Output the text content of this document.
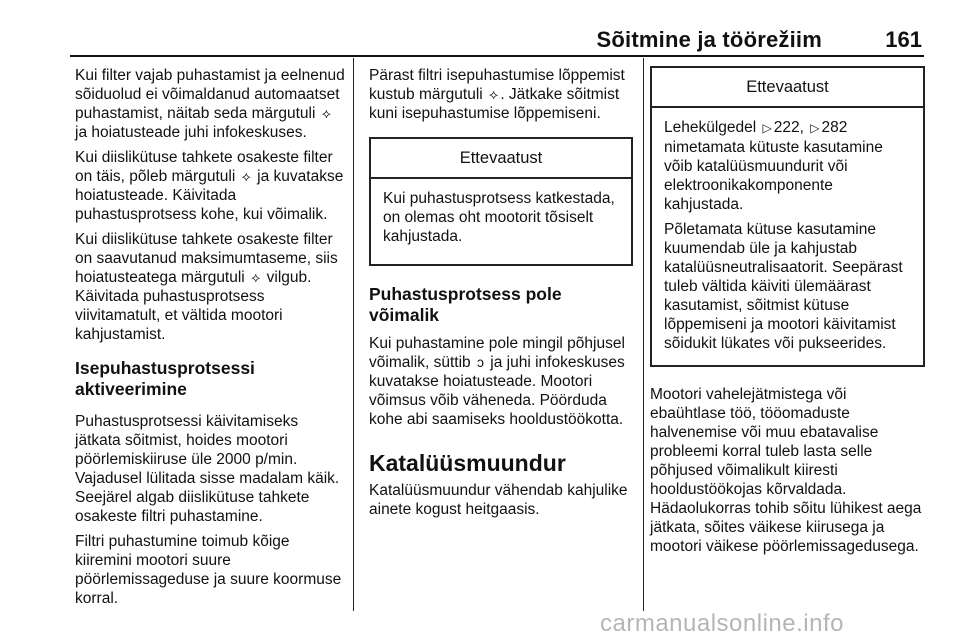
Sõitmine ja töörežiim	161

Kui filter vajab puhastamist ja eelnenud sõiduolud ei võimaldanud automaatset puhastamist, näitab seda märgutuli ⟡ ja hoiatusteade juhi infokeskuses.

Kui diislikütuse tahkete osakeste filter on täis, põleb märgutuli ⟡ ja kuvatakse hoiatusteade. Käivitada puhastusprotsess kohe, kui võimalik.

Kui diislikütuse tahkete osakeste filter on saavutanud maksimumtaseme, siis hoiatusteatega märgutuli ⟡ vilgub. Käivitada puhastusprotsess viivitamatult, et vältida mootori kahjustamist.

Isepuhastusprotsessi aktiveerimine

Puhastusprotsessi käivitamiseks jätkata sõitmist, hoides mootori pöörlemiskiiruse üle 2000 p/min. Vajadusel lülitada sisse madalam käik. Seejärel algab diislikütuse tahkete osakeste filtri puhastamine.

Filtri puhastumine toimub kõige kiiremini mootori suure pöörlemissageduse ja suure koormuse korral.

Pärast filtri isepuhastumise lõppemist kustub märgutuli ⟡ . Jätkake sõitmist kuni isepuhastumise lõppemiseni.

Ettevaatust

Kui puhastusprotsess katkestada, on olemas oht mootorit tõsiselt kahjustada.

Puhastusprotsess pole võimalik

Kui puhastamine pole mingil põhjusel võimalik, süttib ↄ ja juhi infokeskuses kuvatakse hoiatusteade. Mootori võimsus võib väheneda. Pöörduda kohe abi saamiseks hooldustöökotta.

Katalüüsmuundur

Katalüüsmuundur vähendab kahjulike ainete kogust heitgaasis.

Ettevaatust

Lehekülgedel ▷ 222, ▷ 282 nimetamata kütuste kasutamine võib katalüüsmuundurit või elektroonikakomponente kahjustada.

Põletamata kütuse kasutamine kuumendab üle ja kahjustab katalüüsneutralisaatorit. Seepärast tuleb vältida käiviti ülemäärast kasutamist, sõitmist kütuse lõppemiseni ja mootori käivitamist sõidukit lükates või pukseerides.

Mootori vahelejätmistega või ebaühtlase töö, tööomaduste halvenemise või muu ebatavalise probleemi korral tuleb lasta selle põhjused võimalikult kiiresti hooldustöökojas kõrvaldada. Hädaolukorras tohib sõitu lühikest aega jätkata, sõites väikese kiirusega ja mootori väikese pöörlemissagedusega.

carmanualsonline.info
